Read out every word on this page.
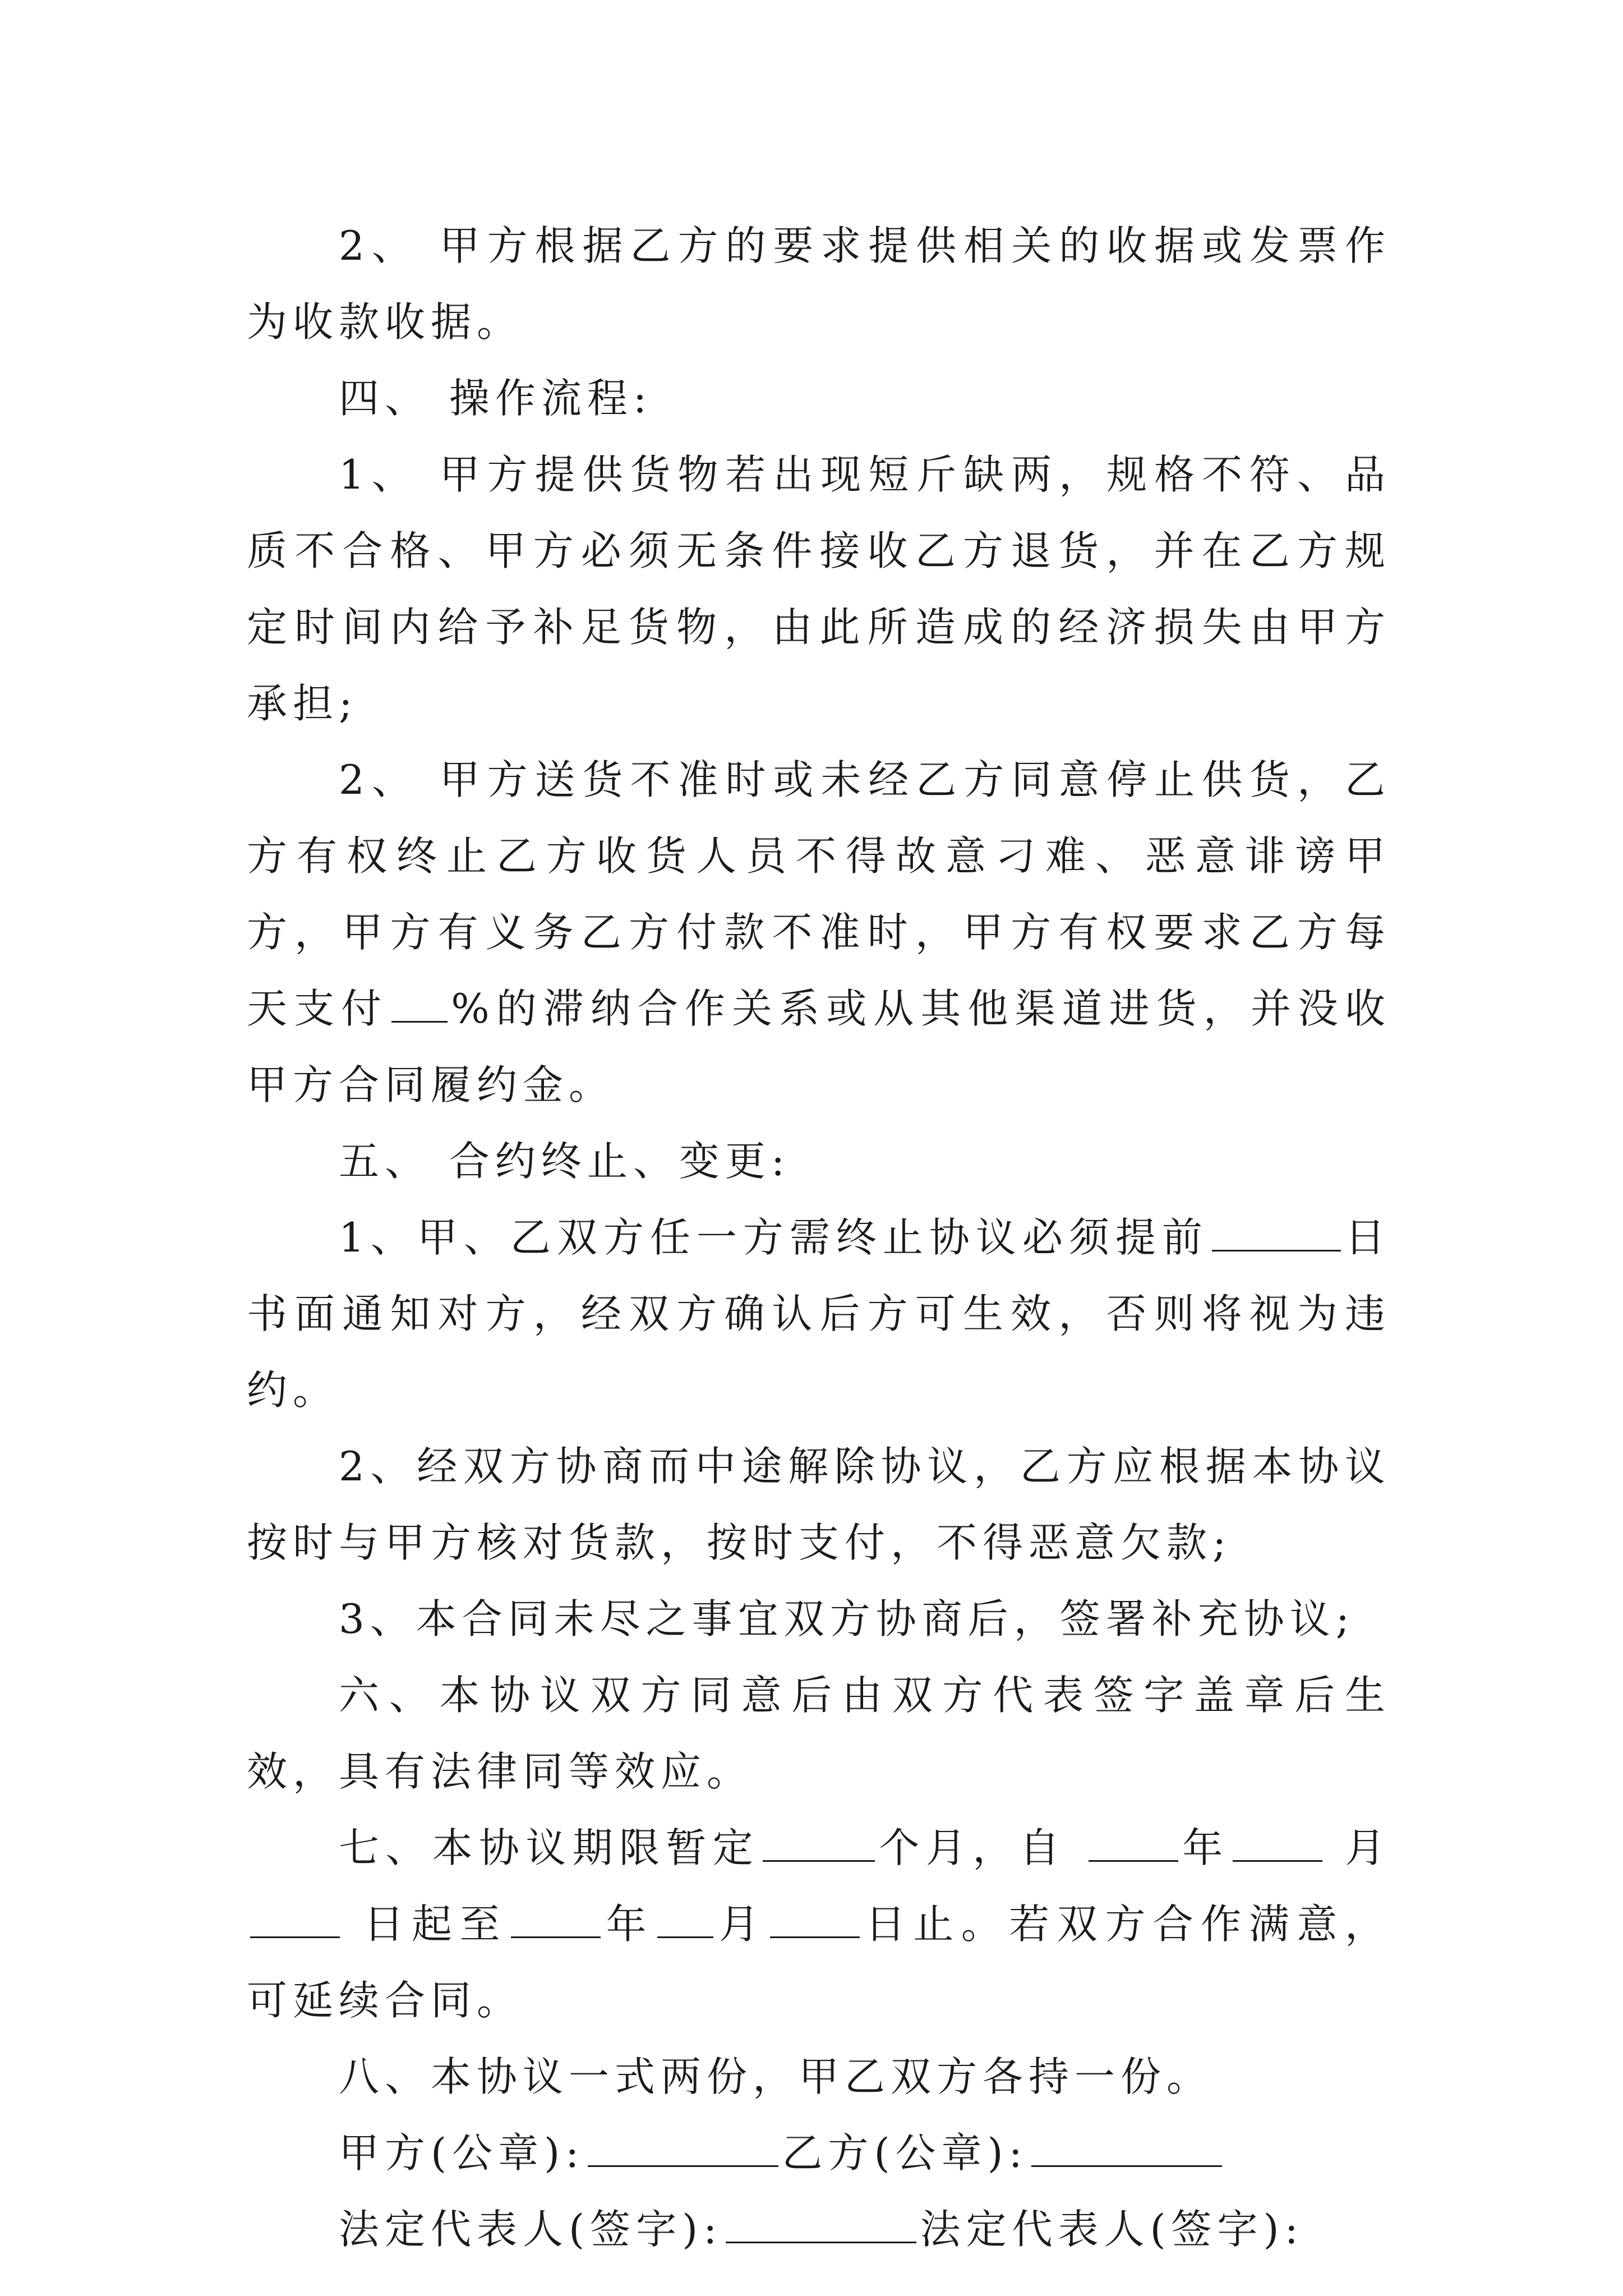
2、 甲方根据乙方的要求提供相关的收据或发票作为收款收据。

四、 操作流程:

1、 甲方提供货物若出现短斤缺两，规格不符、品质不合格、甲方必须无条件接收乙方退货，并在乙方规定时间内给予补足货物，由此所造成的经济损失由甲方承担;

2、 甲方送货不准时或未经乙方同意停止供货，乙方有权终止乙方收货人员不得故意刁难、恶意诽谤甲方，甲方有义务乙方付款不准时，甲方有权要求乙方每天支付 %的滞纳合作关系或从其他渠道进货，并没收甲方合同履约金。

五、 合约终止、变更:

1、甲、乙双方任一方需终止协议必须提前	日书面通知对方，经双方确认后方可生效，否则将视为违约。

2、经双方协商而中途解除协议，乙方应根据本协议按时与甲方核对货款，按时支付，不得恶意欠款;

3、本合同未尽之事宜双方协商后，签署补充协议;

六、本协议双方同意后由双方代表签字盖章后生效，具有法律同等效应。

七、本协议期限暂定	个月，自	年	月 日起至 年 月 日止。若双方合作满意，可延续合同。

八、本协议一式两份，甲乙双方各持一份。

甲方(公章):	乙方(公章):

法定代表人(签字):	法定代表人(签字):
